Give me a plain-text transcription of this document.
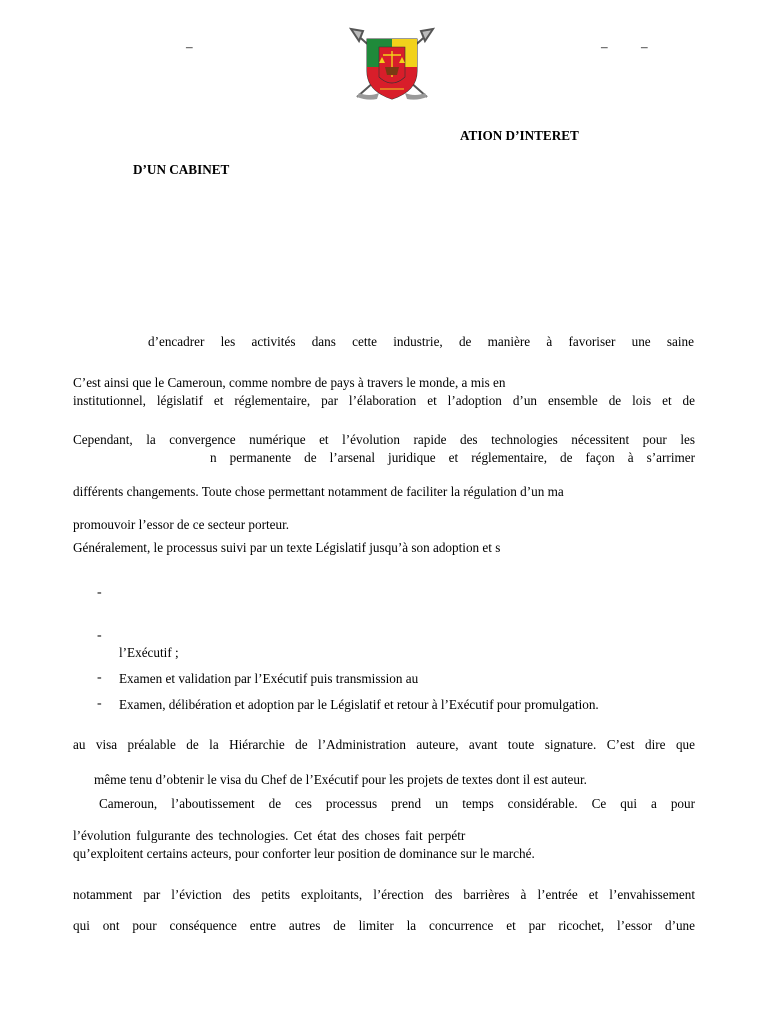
–	–	–
ATION D’INTERET
D’UN CABINET
d’encadrer les activités dans cette industrie, de manière à favoriser une saine
C’est ainsi que le Cameroun, comme nombre de pays à travers le monde, a mis en
institutionnel, législatif et réglementaire, par l’élaboration et l’adoption d’un ensemble de lois et de
Cependant, la convergence numérique et l’évolution rapide des technologies nécessitent pour les
n permanente de l’arsenal juridique et réglementaire, de façon à s’arrimer
différents changements. Toute chose permettant notamment de faciliter la régulation d’un ma
promouvoir l’essor de ce secteur porteur.
Généralement, le processus suivi par un texte Législatif jusqu’à son adoption et s
-
-
l’Exécutif ;
- Examen et validation par l’Exécutif puis transmission au
- Examen, délibération et adoption par le Législatif et retour à l’Exécutif pour promulgation.
au visa préalable de la Hiérarchie de l’Administration auteure, avant toute signature. C’est dire que
même tenu d’obtenir le visa du Chef de l’Exécutif pour les projets de textes dont il est auteur.
Cameroun, l’aboutissement de ces processus prend un temps considérable. Ce qui a pour
l’évolution fulgurante des technologies. Cet état des choses fait perpétr
qu’exploitent certains acteurs, pour conforter leur position de dominance sur le marché.
notamment par l’éviction des petits exploitants, l’érection des barrières à l’entrée et l’envahissement
qui ont pour conséquence entre autres de limiter la concurrence et par ricochet, l’essor d’une
